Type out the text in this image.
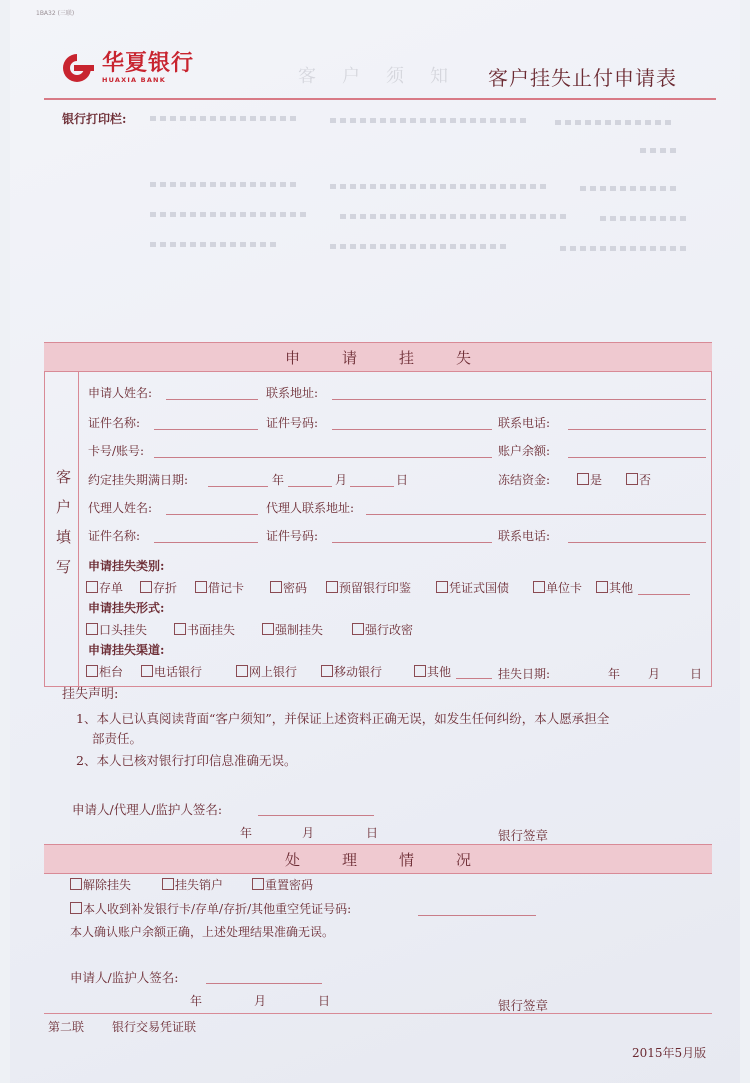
1BA32 (三联)
华夏银行
HUAXIA BANK	客户须知 客户挂失止付申请表
银行打印栏:
申请挂失
客
户
填
写
申请人姓名:	联系地址:
证件名称:	证件号码:	联系电话:
卡号/账号:	账户余额:
约定挂失期满日期:	年	月	日	冻结资金:	是	否
代理人姓名:	代理人联系地址:
证件名称:	证件号码:	联系电话:
申请挂失类别:
存单	存折	借记卡	密码	预留银行印鉴	凭证式国债	单位卡	其他
申请挂失形式:
口头挂失	书面挂失	强制挂失	强行改密
申请挂失渠道:
柜台	电话银行	网上银行	移动银行	其他	挂失日期:	年 月 日
挂失声明:
1、本人已认真阅读背面“客户须知”，并保证上述资料正确无误，如发生任何纠纷，本人愿承担全
部责任。
2、本人已核对银行打印信息准确无误。
申请人/代理人/监护人签名:
年	月	日	银行签章
处理情况
解除挂失	挂失销户	重置密码
本人收到补发银行卡/存单/存折/其他重空凭证号码:
本人确认账户余额正确，上述处理结果准确无误。
申请人/监护人签名:
年	月	日	银行签章
第二联 银行交易凭证联
2015年5月版
